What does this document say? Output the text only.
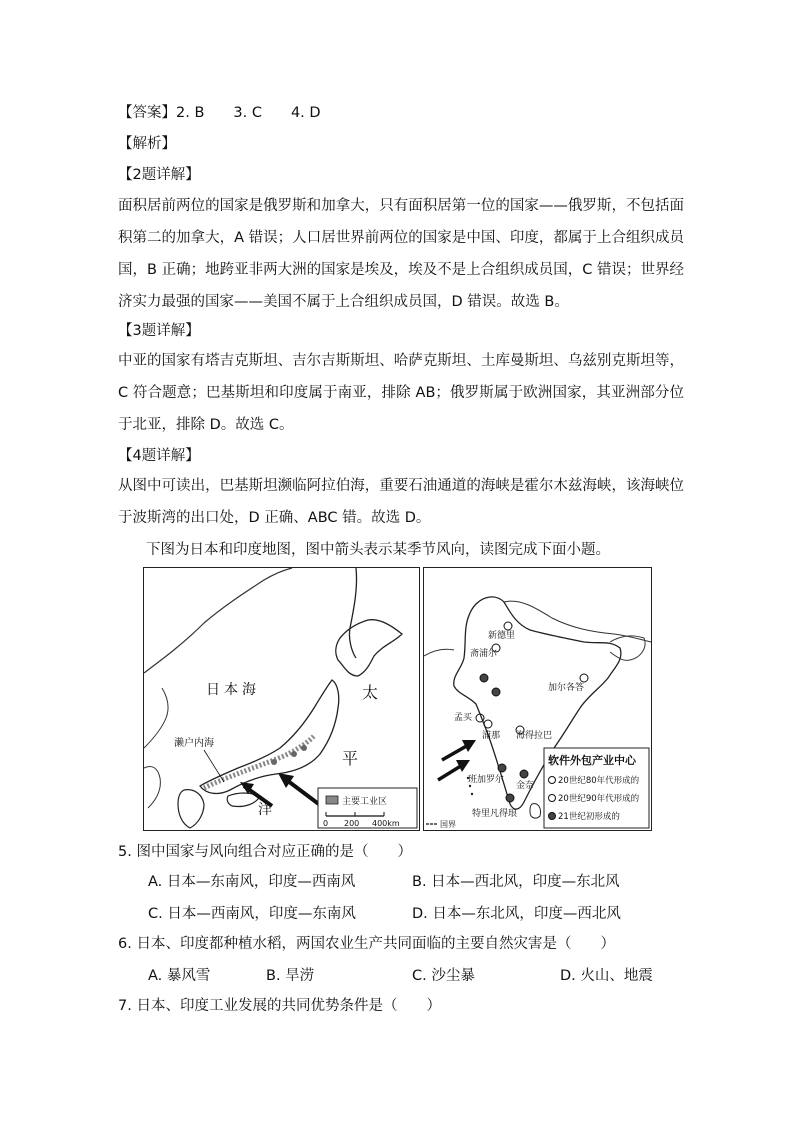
【答案】2. B　　3. C　　4. D
【解析】
【2题详解】
面积居前两位的国家是俄罗斯和加拿大，只有面积居第一位的国家——俄罗斯，不包括面积第二的加拿大，A 错误；人口居世界前两位的国家是中国、印度，都属于上合组织成员国，B 正确；地跨亚非两大洲的国家是埃及，埃及不是上合组织成员国，C 错误；世界经济实力最强的国家——美国不属于上合组织成员国，D 错误。故选 B。
【3题详解】
中亚的国家有塔吉克斯坦、吉尔吉斯斯坦、哈萨克斯坦、土库曼斯坦、乌兹别克斯坦等，C 符合题意；巴基斯坦和印度属于南亚，排除 AB；俄罗斯属于欧洲国家，其亚洲部分位于北亚，排除 D。故选 C。
【4题详解】
从图中可读出，巴基斯坦濒临阿拉伯海，重要石油通道的海峡是霍尔木兹海峡，该海峡位于波斯湾的出口处，D 正确、ABC 错。故选 D。
下图为日本和印度地图，图中箭头表示某季节风向，读图完成下面小题。
日本海
濑户内海
太
平
洋	主要工业区
0 200 400km
新德里
斋浦尔
加尔各答
孟买
浦那 海得拉巴
班加罗尔
金奈
特里凡得琅
国界
软件外包产业中心
20世纪80年代形成的
20世纪90年代形成的
21世纪初形成的
5. 图中国家与风向组合对应正确的是（　　）
A. 日本—东南风，印度—西南风	B. 日本—西北风，印度—东北风
C. 日本—西南风，印度—东南风	D. 日本—东北风，印度—西北风
6. 日本、印度都种植水稻，两国农业生产共同面临的主要自然灾害是（　　）
A. 暴风雪	B. 旱涝	C. 沙尘暴	D. 火山、地震
7. 日本、印度工业发展的共同优势条件是（　　）
